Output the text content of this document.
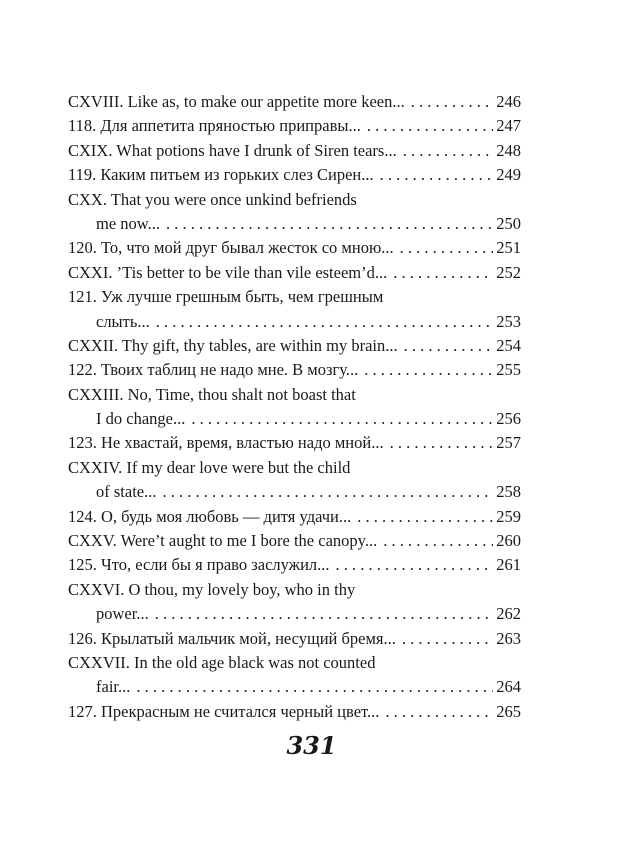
CXVIII. Like as, to make our appetite more keen... . . .	246
118. Для аппетита пряностью приправы... . . .	247
CXIX. What potions have I drunk of Siren tears... . . .	248
119. Каким питьем из горьких слез Сирен... . . .	249
CXX. That you were once unkind befriends
me now... . . .	250
120. То, что мой друг бывал жесток со мною... . . .	251
CXXI. ’Tis better to be vile than vile esteem’d... . . .	252
121. Уж лучше грешным быть, чем грешным
слыть... . . .	253
CXXII. Thy gift, thy tables, are within my brain... . . .	254
122. Твоих таблиц не надо мне. В мозгу... . . .	255
CXXIII. No, Time, thou shalt not boast that
I do change... . . .	256
123. Не хвастай, время, властью надо мной... . . .	257
CXXIV. If my dear love were but the child
of state... . . .	258
124. О, будь моя любовь — дитя удачи... . . .	259
CXXV. Were’t aught to me I bore the canopy... . . .	260
125. Что, если бы я право заслужил... . . .	261
CXXVI. O thou, my lovely boy, who in thy
power... . . .	262
126. Крылатый мальчик мой, несущий бремя... . . .	263
CXXVII. In the old age black was not counted
fair... . . .	264
127. Прекрасным не считался черный цвет... . . .	265
331
